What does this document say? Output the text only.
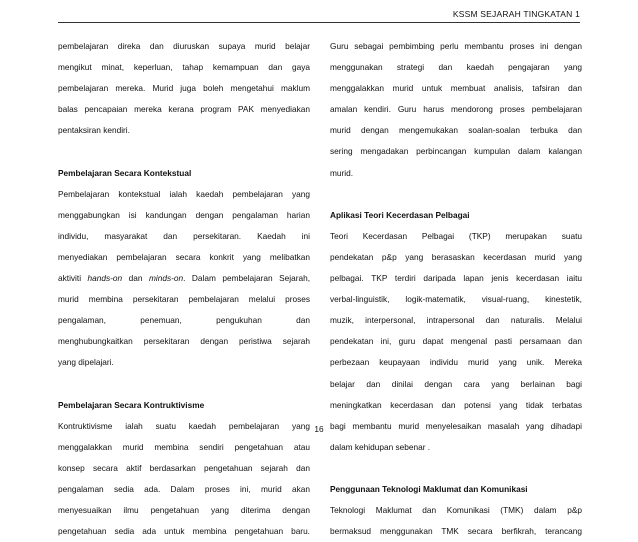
KSSM SEJARAH TINGKATAN 1
pembelajaran direka dan diuruskan supaya murid belajar
mengikut minat, keperluan, tahap kemampuan dan gaya
pembelajaran mereka. Murid juga boleh mengetahui maklum
balas pencapaian mereka kerana program PAK menyediakan
pentaksiran kendiri.
Pembelajaran Secara Kontekstual
Pembelajaran kontekstual ialah kaedah pembelajaran yang
menggabungkan isi kandungan dengan pengalaman harian
individu, masyarakat dan persekitaran. Kaedah ini
menyediakan pembelajaran secara konkrit yang melibatkan
aktiviti hands-on dan minds-on. Dalam pembelajaran Sejarah,
murid membina persekitaran pembelajaran melalui proses
pengalaman, penemuan, pengukuhan dan
menghubungkaitkan persekitaran dengan peristiwa sejarah
yang dipelajari.
Pembelajaran Secara Kontruktivisme
Kontruktivisme ialah suatu kaedah pembelajaran yang
menggalakkan murid membina sendiri pengetahuan atau
konsep secara aktif berdasarkan pengetahuan sejarah dan
pengalaman sedia ada. Dalam proses ini, murid akan
menyesuaikan ilmu pengetahuan yang diterima dengan
pengetahuan sedia ada untuk membina pengetahuan baru.
Guru sebagai pembimbing perlu membantu proses ini dengan
menggunakan strategi dan kaedah pengajaran yang
menggalakkan murid untuk membuat analisis, tafsiran dan
amalan kendiri. Guru harus mendorong proses pembelajaran
murid dengan mengemukakan soalan-soalan terbuka dan
sering mengadakan perbincangan kumpulan dalam kalangan
murid.
Aplikasi Teori Kecerdasan Pelbagai
Teori Kecerdasan Pelbagai (TKP) merupakan suatu
pendekatan p&p yang berasaskan kecerdasan murid yang
pelbagai. TKP terdiri daripada lapan jenis kecerdasan iaitu
verbal-linguistik, logik-matematik, visual-ruang, kinestetik,
muzik, interpersonal, intrapersonal dan naturalis. Melalui
pendekatan ini, guru dapat mengenal pasti persamaan dan
perbezaan keupayaan individu murid yang unik. Mereka
belajar dan dinilai dengan cara yang berlainan bagi
meningkatkan kecerdasan dan potensi yang tidak terbatas
bagi membantu murid menyelesaikan masalah yang dihadapi
dalam kehidupan sebenar .
Penggunaan Teknologi Maklumat dan Komunikasi
Teknologi Maklumat dan Komunikasi (TMK) dalam p&p
bermaksud menggunakan TMK secara berfikrah, terancang
16
